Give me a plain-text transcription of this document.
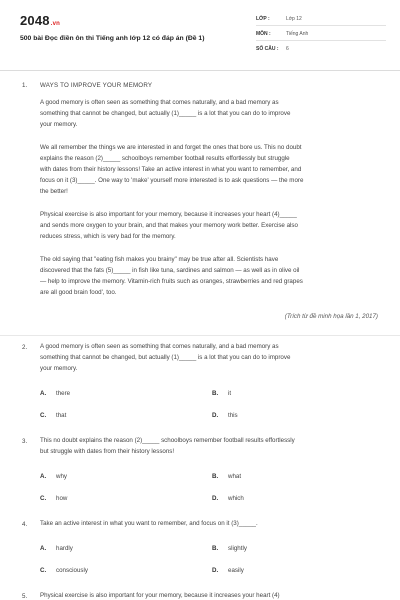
2048.vn
500 bài Đọc điền ôn thi Tiếng anh lớp 12 có đáp án (Đề 1)
LỚP :	Lớp 12
MÔN :	Tiếng Anh
SỐ CÂU : 6
1. WAYS TO IMPROVE YOUR MEMORY
A good memory is often seen as something that comes naturally, and a bad memory as
something that cannot be changed, but actually (1)_____ is a lot that you can do to improve
your memory.
We all remember the things we are interested in and forget the ones that bore us. This no doubt
explains the reason (2)_____ schoolboys remember football results effortlessly but struggle
with dates from their history lessons! Take an active interest in what you want to remember, and
focus on it (3)_____. One way to 'make' yourself more interested is to ask questions — the more
the better!
Physical exercise is also important for your memory, because it increases your heart (4)_____
and sends more oxygen to your brain, and that makes your memory work better. Exercise also
reduces stress, which is very bad for the memory.
The old saying that "eating fish makes you brainy" may be true after all. Scientists have
discovered that the fats (5)_____ in fish like tuna, sardines and salmon — as well as in olive oil
— help to improve the memory. Vitamin-rich fruits such as oranges, strawberries and red grapes
are all good brain food', too.
(Trích từ đề minh họa lần 1, 2017)
2. A good memory is often seen as something that comes naturally, and a bad memory as
something that cannot be changed, but actually (1)_____ is a lot that you can do to improve
your memory.
A. there	B. it
C. that	D. this
3. This no doubt explains the reason (2)_____ schoolboys remember football results effortlessly
but struggle with dates from their history lessons!
A. why	B. what
C. how	D. which
4. Take an active interest in what you want to remember, and focus on it (3)_____.
A. hardly	B. slightly
C. consciously	D. easily
5. Physical exercise is also important for your memory, because it increases your heart (4)
